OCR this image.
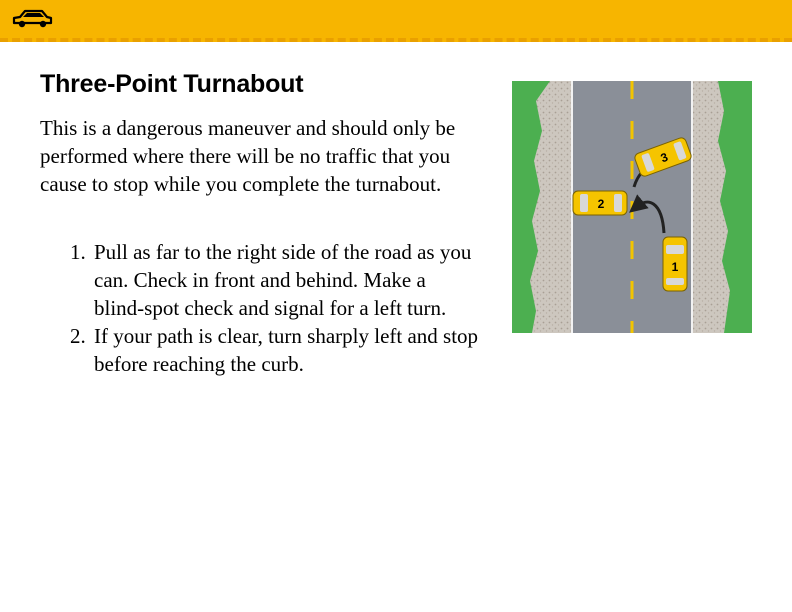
Three-Point Turnabout

This is a dangerous maneuver and should only be performed where there will be no traffic that you cause to stop while you complete the turnabout.

1. Pull as far to the right side of the road as you can. Check in front and behind. Make a blind-spot check and signal for a left turn.
2. If your path is clear, turn sharply left and stop before reaching the curb.
1
2
3
